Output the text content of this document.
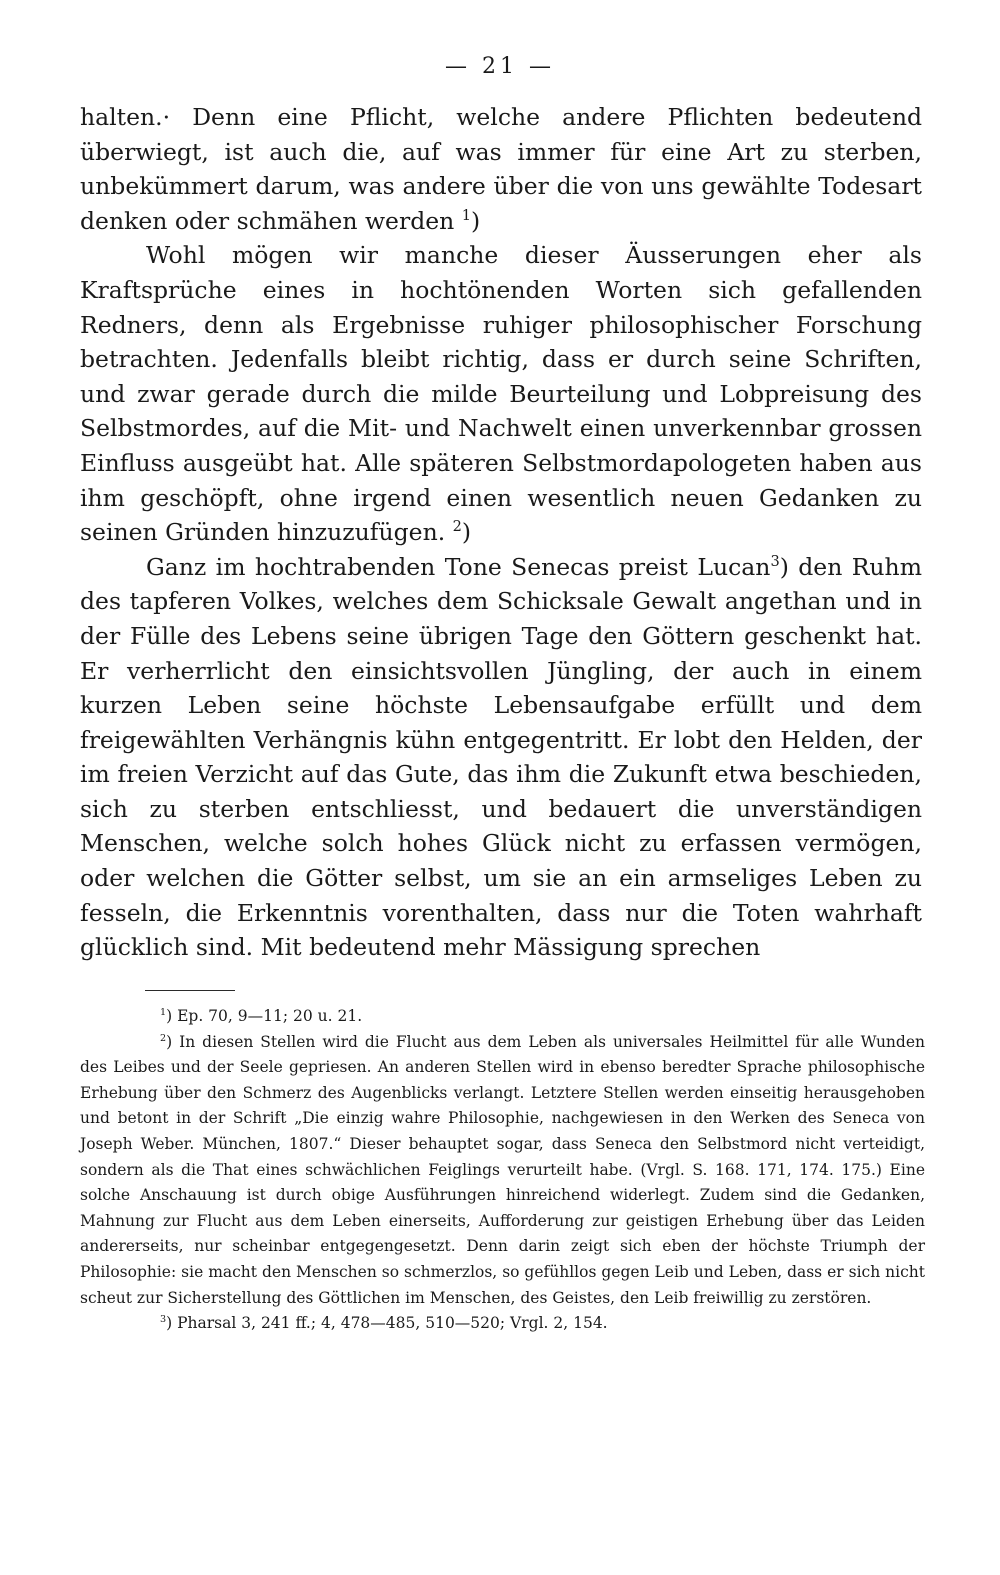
— 21 —

halten.· Denn eine Pflicht, welche andere Pflichten bedeutend überwiegt, ist auch die, auf was immer für eine Art zu sterben, unbekümmert darum, was andere über die von uns gewählte Todesart denken oder schmähen werden $^1$)

Wohl mögen wir manche dieser Äusserungen eher als Kraftsprüche eines in hochtönenden Worten sich gefallenden Redners, denn als Ergebnisse ruhiger philosophischer Forschung betrachten. Jedenfalls bleibt richtig, dass er durch seine Schriften, und zwar gerade durch die milde Beurteilung und Lobpreisung des Selbstmordes, auf die Mit- und Nachwelt einen unverkennbar grossen Einfluss ausgeübt hat. Alle späteren Selbstmordapologeten haben aus ihm geschöpft, ohne irgend einen wesentlich neuen Gedanken zu seinen Gründen hinzuzufügen. $^2$)

Ganz im hochtrabenden Tone Senecas preist Lucan$^3$) den Ruhm des tapferen Volkes, welches dem Schicksale Gewalt angethan und in der Fülle des Lebens seine übrigen Tage den Göttern geschenkt hat. Er verherrlicht den einsichtsvollen Jüngling, der auch in einem kurzen Leben seine höchste Lebensaufgabe erfüllt und dem freigewählten Verhängnis kühn entgegentritt. Er lobt den Helden, der im freien Verzicht auf das Gute, das ihm die Zukunft etwa beschieden, sich zu sterben entschliesst, und bedauert die unverständigen Menschen, welche solch hohes Glück nicht zu erfassen vermögen, oder welchen die Götter selbst, um sie an ein armseliges Leben zu fesseln, die Erkenntnis vorenthalten, dass nur die Toten wahrhaft glücklich sind. Mit bedeutend mehr Mässigung sprechen

$^1$) Ep. 70, 9—11; 20 u. 21.

$^2$) In diesen Stellen wird die Flucht aus dem Leben als universales Heilmittel für alle Wunden des Leibes und der Seele gepriesen. An anderen Stellen wird in ebenso beredter Sprache philosophische Erhebung über den Schmerz des Augenblicks verlangt. Letztere Stellen werden einseitig herausgehoben und betont in der Schrift „Die einzig wahre Philosophie, nachgewiesen in den Werken des Seneca von Joseph Weber. München, 1807.“ Dieser behauptet sogar, dass Seneca den Selbstmord nicht verteidigt, sondern als die That eines schwächlichen Feiglings verurteilt habe. (Vrgl. S. 168. 171, 174. 175.) Eine solche Anschauung ist durch obige Ausführungen hinreichend widerlegt. Zudem sind die Gedanken, Mahnung zur Flucht aus dem Leben einerseits, Aufforderung zur geistigen Erhebung über das Leiden andererseits, nur scheinbar entgegengesetzt. Denn darin zeigt sich eben der höchste Triumph der Philosophie: sie macht den Menschen so schmerzlos, so gefühllos gegen Leib und Leben, dass er sich nicht scheut zur Sicherstellung des Göttlichen im Menschen, des Geistes, den Leib freiwillig zu zerstören.

$^3$) Pharsal 3, 241 ff.; 4, 478—485, 510—520; Vrgl. 2, 154.
